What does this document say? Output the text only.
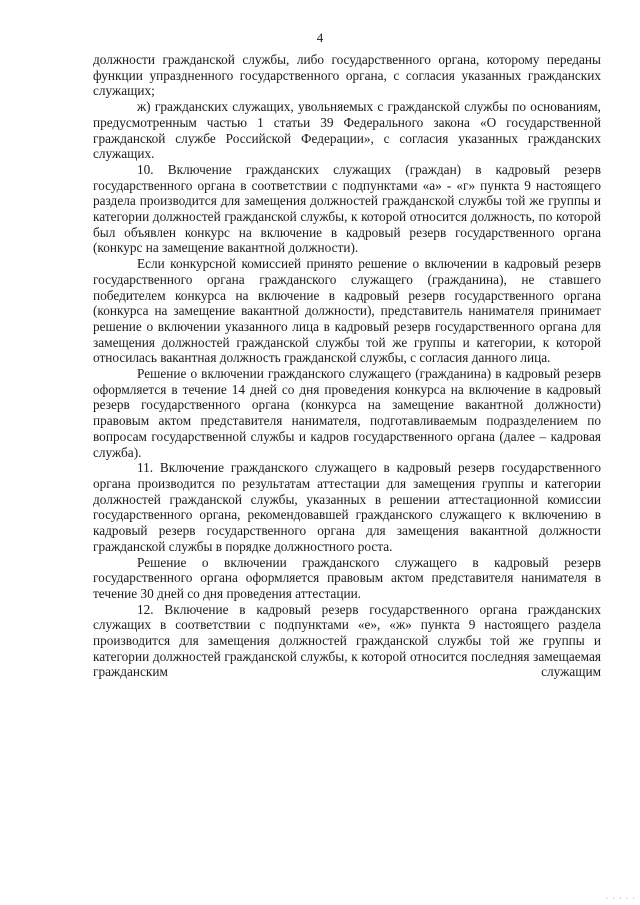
4

должности гражданской службы, либо государственного органа, которому переданы функции упраздненного государственного органа, с согласия указанных гражданских служащих;

ж) гражданских служащих, увольняемых с гражданской службы по основаниям, предусмотренным частью 1 статьи 39 Федерального закона «О государственной гражданской службе Российской Федерации», с согласия указанных гражданских служащих.

10. Включение гражданских служащих (граждан) в кадровый резерв государственного органа в соответствии с подпунктами «а» - «г» пункта 9 настоящего раздела производится для замещения должностей гражданской службы той же группы и категории должностей гражданской службы, к которой относится должность, по которой был объявлен конкурс на включение в кадровый резерв государственного органа (конкурс на замещение вакантной должности).

Если конкурсной комиссией принято решение о включении в кадровый резерв государственного органа гражданского служащего (гражданина), не ставшего победителем конкурса на включение в кадровый резерв государственного органа (конкурса на замещение вакантной должности), представитель нанимателя принимает решение о включении указанного лица в кадровый резерв государственного органа для замещения должностей гражданской службы той же группы и категории, к которой относилась вакантная должность гражданской службы, с согласия данного лица.

Решение о включении гражданского служащего (гражданина) в кадровый резерв оформляется в течение 14 дней со дня проведения конкурса на включение в кадровый резерв государственного органа (конкурса на замещение вакантной должности) правовым актом представителя нанимателя, подготавливаемым подразделением по вопросам государственной службы и кадров государственного органа (далее – кадровая служба).

11. Включение гражданского служащего в кадровый резерв государственного органа производится по результатам аттестации для замещения группы и категории должностей гражданской службы, указанных в решении аттестационной комиссии государственного органа, рекомендовавшей гражданского служащего к включению в кадровый резерв государственного органа для замещения вакантной должности гражданской службы в порядке должностного роста.

Решение о включении гражданского служащего в кадровый резерв государственного органа оформляется правовым актом представителя нанимателя в течение 30 дней со дня проведения аттестации.

12. Включение в кадровый резерв государственного органа гражданских служащих в соответствии с подпунктами «е», «ж» пункта 9 настоящего раздела производится для замещения должностей гражданской службы той же группы и категории должностей гражданской службы, к которой относится последняя замещаемая гражданским служащим

· · · · ·
